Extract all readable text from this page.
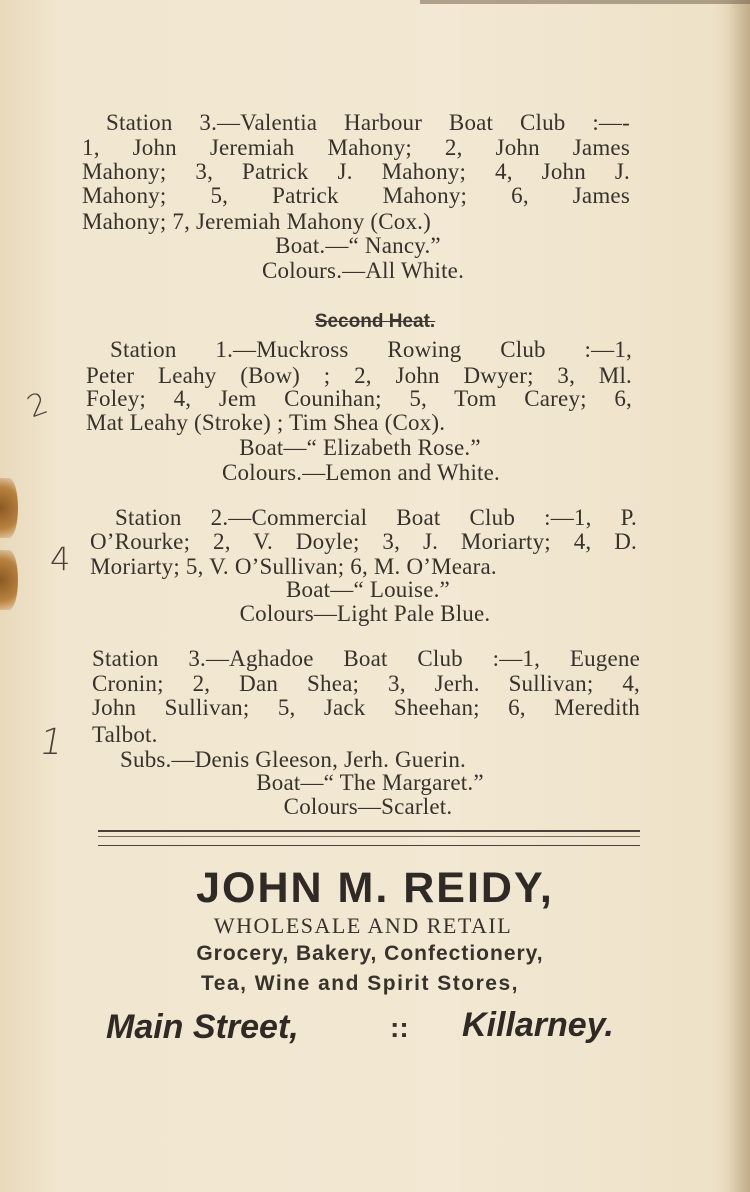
Station 3.—Valentia Harbour Boat Club :—-
1, John Jeremiah Mahony; 2, John James
Mahony; 3, Patrick J. Mahony; 4, John J.
Mahony; 5, Patrick Mahony; 6, James
Mahony; 7, Jeremiah Mahony (Cox.)
Boat.—“ Nancy.”
Colours.—All White.
Second Heat.
Station 1.—Muckross Rowing Club :—1,
Peter Leahy (Bow) ; 2, John Dwyer; 3, Ml.
Foley; 4, Jem Counihan; 5, Tom Carey; 6,
Mat Leahy (Stroke) ; Tim Shea (Cox).
Boat—“ Elizabeth Rose.”
Colours.—Lemon and White.
Station 2.—Commercial Boat Club :—1, P.
O’Rourke; 2, V. Doyle; 3, J. Moriarty; 4, D.
Moriarty; 5, V. O’Sullivan; 6, M. O’Meara.
Boat—“ Louise.”
Colours—Light Pale Blue.
Station 3.—Aghadoe Boat Club :—1, Eugene
Cronin; 2, Dan Shea; 3, Jerh. Sullivan; 4,
John Sullivan; 5, Jack Sheehan; 6, Meredith
Talbot.
Subs.—Denis Gleeson, Jerh. Guerin.
Boat—“ The Margaret.”
Colours—Scarlet.
JOHN M. REIDY,
WHOLESALE AND RETAIL
Grocery, Bakery, Confectionery,
Tea, Wine and Spirit Stores,
Main Street,	:: Killarney.
2
4
1
